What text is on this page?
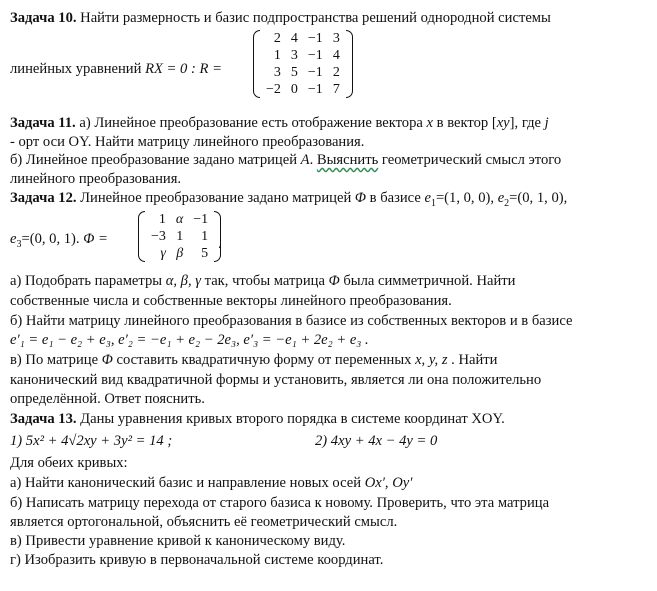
Задача 10. Найти размерность и базис подпространства решений однородной системы
линейных уравнений RX = 0 : R =
2	4	−1	3
1	3	−1	4
3	5	−1	2
−2	0	−1	7
Задача 11. а) Линейное преобразование есть отображение вектора x в вектор [xy], где j
- орт оси OY. Найти матрицу линейного преобразования.
б) Линейное преобразование задано матрицей A. Выяснить геометрический смысл этого
линейного преобразования.
Задача 12. Линейное преобразование задано матрицей Φ в базисе $e_1=(1$, 0, 0), $e_2=(0$, 1, 0),
$e_3=(0$, 0, 1). Φ =
1	α	−1
−3	1	1
γ	β	5
.
а) Подобрать параметры α, β, γ так, чтобы матрица Φ была симметричной. Найти
собственные числа и собственные векторы линейного преобразования.
б) Найти матрицу линейного преобразования в базисе из собственных векторов и в базисе
e′₁ = e₁ − e₂ + e₃, e′₂ = −e₁ + e₂ − 2e₃, e′₃ = −e₁ + 2e₂ + e₃ .
в) По матрице Φ составить квадратичную форму от переменных x, y, z . Найти
канонический вид квадратичной формы и установить, является ли она положительно
определённой. Ответ пояснить.
Задача 13. Даны уравнения кривых второго порядка в системе координат XOY.
1) 5x² + 4√2xy + 3y² = 14 ;	2) 4xy + 4x − 4y = 0
Для обеих кривых:
а) Найти канонический базис и направление новых осей Ox′, Oy′
б) Написать матрицу перехода от старого базиса к новому. Проверить, что эта матрица
является ортогональной, объяснить её геометрический смысл.
в) Привести уравнение кривой к каноническому виду.
г) Изобразить кривую в первоначальной системе координат.
